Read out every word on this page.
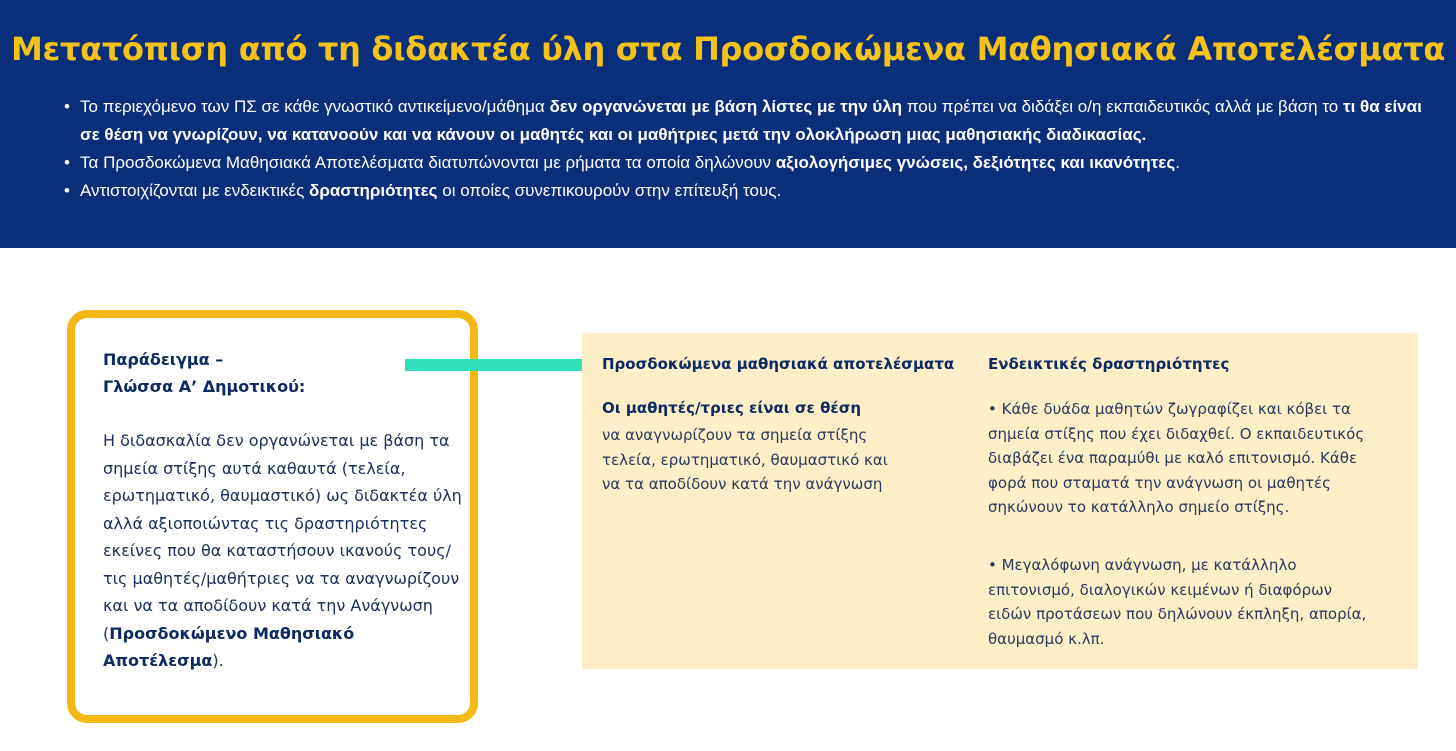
Μετατόπιση από τη διδακτέα ύλη στα Προσδοκώμενα Μαθησιακά Αποτελέσματα
• Το περιεχόμενο των ΠΣ σε κάθε γνωστικό αντικείμενο/μάθημα δεν οργανώνεται με βάση λίστες με την ύλη που πρέπει να διδάξει ο/η εκπαιδευτικός αλλά με βάση το τι θα είναι σε θέση να γνωρίζουν, να κατανοούν και να κάνουν οι μαθητές και οι μαθήτριες μετά την ολοκλήρωση μιας μαθησιακής διαδικασίας.
• Τα Προσδοκώμενα Μαθησιακά Αποτελέσματα διατυπώνονται με ρήματα τα οποία δηλώνουν αξιολογήσιμες γνώσεις, δεξιότητες και ικανότητες.
• Αντιστοιχίζονται με ενδεικτικές δραστηριότητες οι οποίες συνεπικουρούν στην επίτευξή τους.
Παράδειγμα –
Γλώσσα Α’ Δημοτικού:
Η διδασκαλία δεν οργανώνεται με βάση τα σημεία στίξης αυτά καθαυτά (τελεία, ερωτηματικό, θαυμαστικό) ως διδακτέα ύλη αλλά αξιοποιώντας τις δραστηριότητες εκείνες που θα καταστήσουν ικανούς τους/τις μαθητές/μαθήτριες να τα αναγνωρίζουν και να τα αποδίδουν κατά την Ανάγνωση (Προσδοκώμενο Μαθησιακό Αποτέλεσμα).
Προσδοκώμενα μαθησιακά αποτελέσματα Ενδεικτικές δραστηριότητες
Οι μαθητές/τριες είναι σε θέση
να αναγνωρίζουν τα σημεία στίξης τελεία, ερωτηματικό, θαυμαστικό και να τα αποδίδουν κατά την ανάγνωση
• Κάθε δυάδα μαθητών ζωγραφίζει και κόβει τα σημεία στίξης που έχει διδαχθεί. Ο εκπαιδευτικός διαβάζει ένα παραμύθι με καλό επιτονισμό. Κάθε φορά που σταματά την ανάγνωση οι μαθητές σηκώνουν το κατάλληλο σημείο στίξης.
• Μεγαλόφωνη ανάγνωση, με κατάλληλο επιτονισμό, διαλογικών κειμένων ή διαφόρων ειδών προτάσεων που δηλώνουν έκπληξη, απορία, θαυμασμό κ.λπ.
